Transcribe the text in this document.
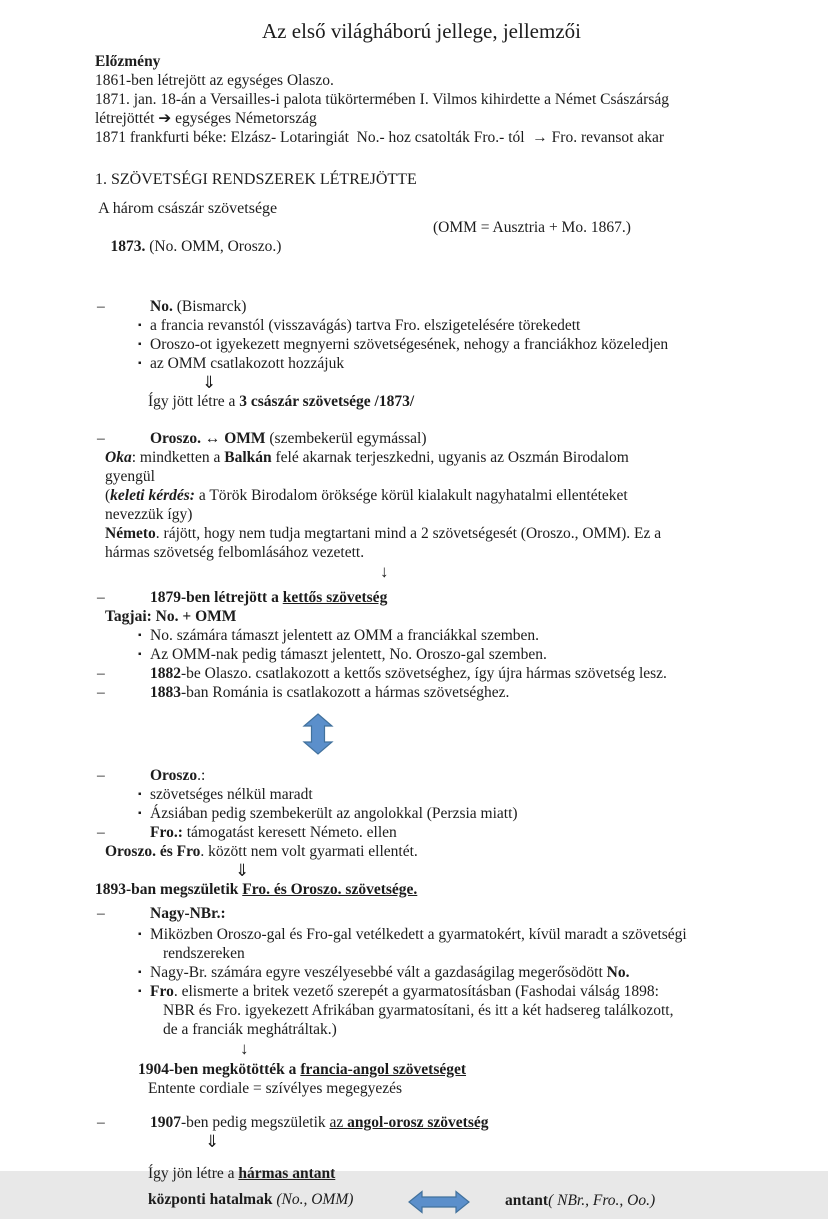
Az első világháború jellege, jellemzői
Előzmény
1861-ben létrejött az egységes Olaszo.
1871. jan. 18-án a Versailles-i palota tükörtermében I. Vilmos kihirdette a Német Császárság
létrejöttét ➔ egységes Németország
1871 frankfurti béke: Elzász- Lotaringiát  No.- hoz csatolták Fro.- tól  → Fro. revansot akar
1. SZÖVETSÉGI RENDSZEREK LÉTREJÖTTE
A három császár szövetsége

1873. (No. OMM, Oroszo.)

(OMM = Ausztria + Mo. 1867.)

–	No. (Bismarck)
▪ a francia revanstól (visszavágás) tartva Fro. elszigetelésére törekedett
▪ Oroszo-ot igyekezett megnyerni szövetségesének, nehogy a franciákhoz közeledjen
▪ az OMM csatlakozott hozzájuk
⇓
Így jött létre a 3 császár szövetsége /1873/
–	Oroszo. ↔ OMM (szembekerül egymással)
Oka: mindketten a Balkán felé akarnak terjeszkedni, ugyanis az Oszmán Birodalom
gyengül
(keleti kérdés: a Török Birodalom öröksége körül kialakult nagyhatalmi ellentéteket
nevezzük így)
Németo. rájött, hogy nem tudja megtartani mind a 2 szövetségesét (Oroszo., OMM). Ez a
hármas szövetség felbomlásához vezetett.
↓
–	1879-ben létrejött a kettős szövetség
Tagjai: No. + OMM
▪ No. számára támaszt jelentett az OMM a franciákkal szemben.
▪ Az OMM-nak pedig támaszt jelentett, No. Oroszo-gal szemben.
–	1882-be Olaszo. csatlakozott a kettős szövetséghez, így újra hármas szövetség lesz.
–	1883-ban Románia is csatlakozott a hármas szövetséghez.
–	Oroszo.:
▪ szövetséges nélkül maradt
▪ Ázsiában pedig szembekerült az angolokkal (Perzsia miatt)
–	Fro.: támogatást keresett Németo. ellen
Oroszo. és Fro. között nem volt gyarmati ellentét.
⇓
1893-ban megszületik Fro. és Oroszo. szövetsége.
–	Nagy-NBr.:
▪ Miközben Oroszo-gal és Fro-gal vetélkedett a gyarmatokért, kívül maradt a szövetségi
rendszereken
▪ Nagy-Br. számára egyre veszélyesebbé vált a gazdaságilag megerősödött No.
▪ Fro. elismerte a britek vezető szerepét a gyarmatosításban (Fashodai válság 1898:
NBR és Fro. igyekezett Afrikában gyarmatosítani, és itt a két hadsereg találkozott,
de a franciák meghátráltak.)
↓
1904-ben megkötötték a francia-angol szövetséget
Entente cordiale = szívélyes megegyezés
–	1907-ben pedig megszületik az angol-orosz szövetség
⇓
Így jön létre a hármas antant
központi hatalmak (No., OMM)	antant( NBr., Fro., Oo.)
